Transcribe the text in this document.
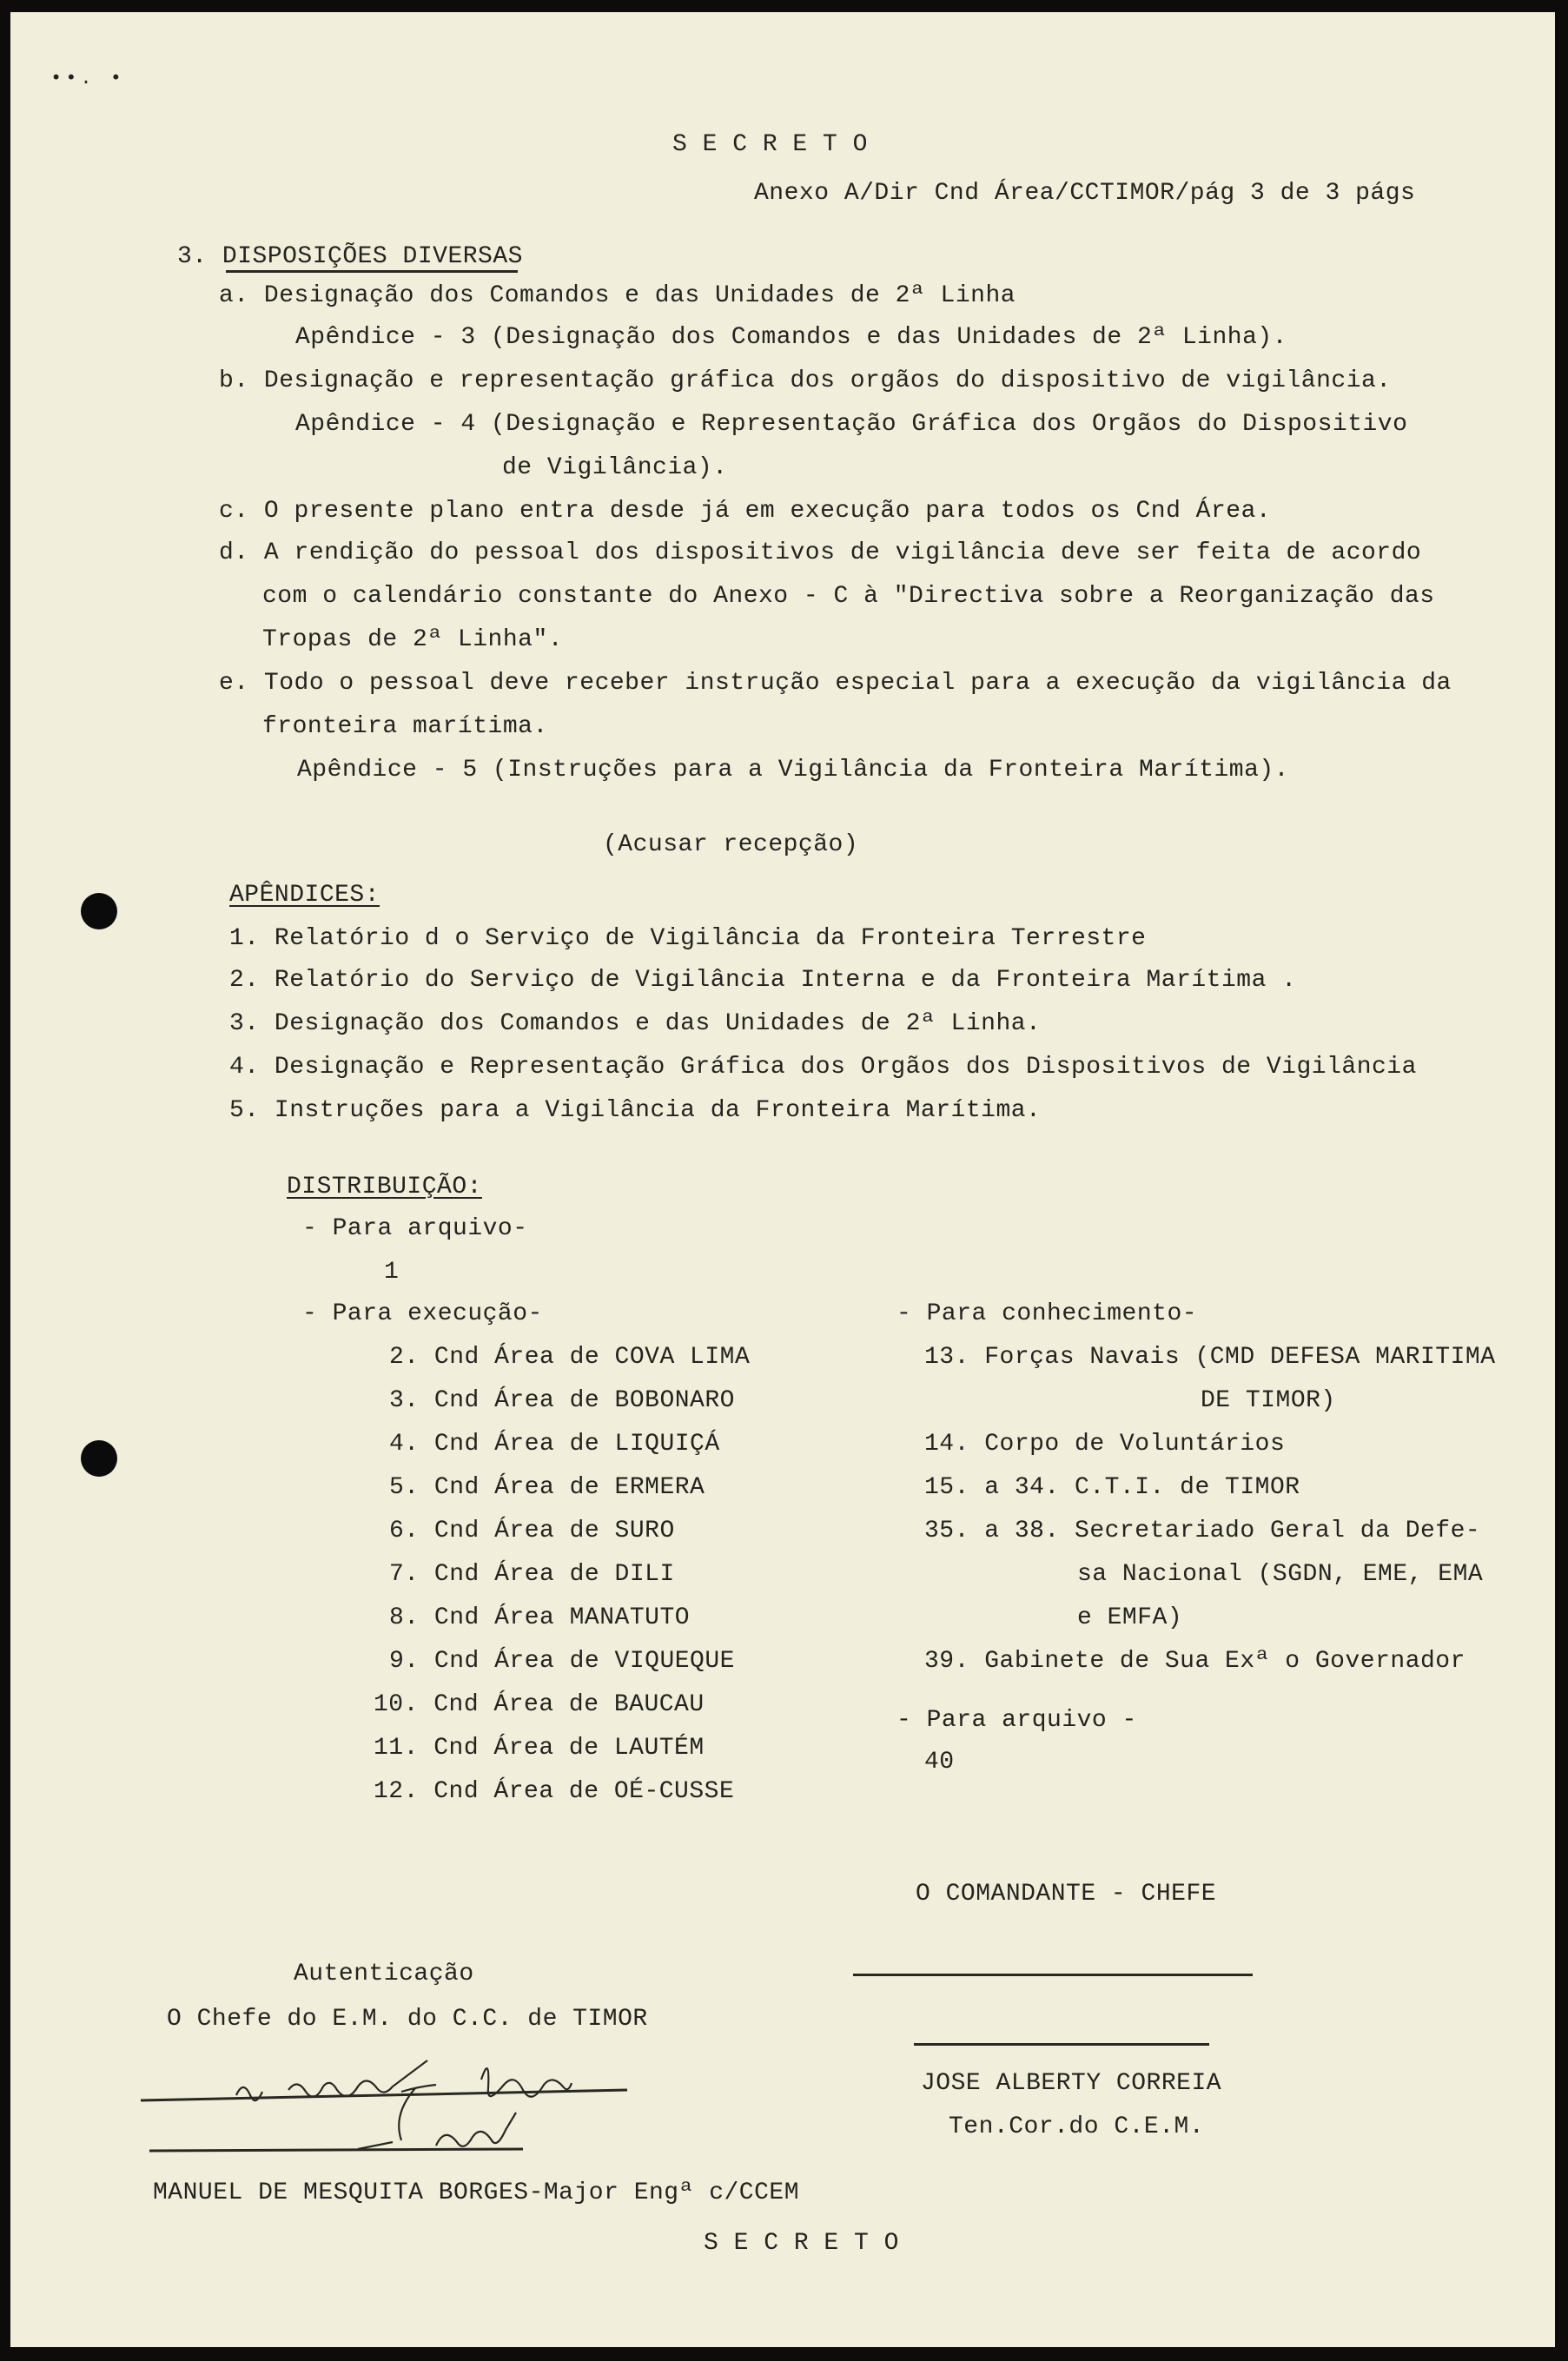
••. •
S E C R E T O
Anexo A/Dir Cnd Área/CCTIMOR/pág 3 de 3 págs
3. DISPOSIÇÕES DIVERSAS
a. Designação dos Comandos e das Unidades de 2ª Linha
Apêndice - 3 (Designação dos Comandos e das Unidades de 2ª Linha).
b. Designação e representação gráfica dos orgãos do dispositivo de vigilância.
Apêndice - 4 (Designação e Representação Gráfica dos Orgãos do Dispositivo
de Vigilância).
c. O presente plano entra desde já em execução para todos os Cnd Área.
d. A rendição do pessoal dos dispositivos de vigilância deve ser feita de acordo
com o calendário constante do Anexo - C à "Directiva sobre a Reorganização das
Tropas de 2ª Linha".
e. Todo o pessoal deve receber instrução especial para a execução da vigilância da
fronteira marítima.
Apêndice - 5 (Instruções para a Vigilância da Fronteira Marítima).
(Acusar recepção)
APÊNDICES:
1. Relatório d o Serviço de Vigilância da Fronteira Terrestre
2. Relatório do Serviço de Vigilância Interna e da Fronteira Marítima .
3. Designação dos Comandos e das Unidades de 2ª Linha.
4. Designação e Representação Gráfica dos Orgãos dos Dispositivos de Vigilância
5. Instruções para a Vigilância da Fronteira Marítima.
DISTRIBUIÇÃO:
- Para arquivo-
1
- Para execução-
2. Cnd Área de COVA LIMA
3. Cnd Área de BOBONARO
4. Cnd Área de LIQUIÇÁ
5. Cnd Área de ERMERA
6. Cnd Área de SURO
7. Cnd Área de DILI
8. Cnd Área MANATUTO
9. Cnd Área de VIQUEQUE
10. Cnd Área de BAUCAU
11. Cnd Área de LAUTÉM
12. Cnd Área de OÉ-CUSSE
- Para conhecimento-
13. Forças Navais (CMD DEFESA MARITIMA
DE TIMOR)
14. Corpo de Voluntários
15. a 34. C.T.I. de TIMOR
35. a 38. Secretariado Geral da Defe-
sa Nacional (SGDN, EME, EMA
e EMFA)
39. Gabinete de Sua Exª o Governador
- Para arquivo -
40
O COMANDANTE - CHEFE
JOSE ALBERTY CORREIA
Ten.Cor.do C.E.M.
Autenticação
O Chefe do E.M. do C.C. de TIMOR
MANUEL DE MESQUITA BORGES-Major Engª c/CCEM
S E C R E T O
